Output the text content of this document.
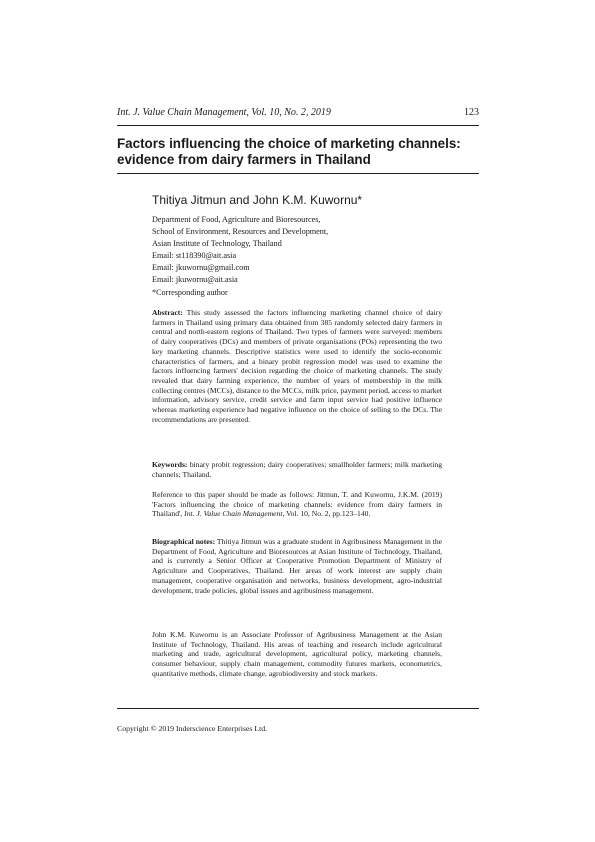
Int. J. Value Chain Management, Vol. 10, No. 2, 2019	123
Factors influencing the choice of marketing channels:
evidence from dairy farmers in Thailand
Thitiya Jitmun and John K.M. Kuwornu*
Department of Food, Agriculture and Bioresources,
School of Environment, Resources and Development,
Asian Institute of Technology, Thailand
Email: st118390@ait.asia
Email: jkuwornu@gmail.com
Email: jkuwornu@ait.asia
*Corresponding author

Abstract: This study assessed the factors influencing marketing channel choice of dairy farmers in Thailand using primary data obtained from 385 randomly selected dairy farmers in central and north-eastern regions of Thailand. Two types of farmers were surveyed: members of dairy cooperatives (DCs) and members of private organisations (POs) representing the two key marketing channels. Descriptive statistics were used to identify the socio-economic characteristics of farmers, and a binary probit regression model was used to examine the factors influencing farmers' decision regarding the choice of marketing channels. The study revealed that dairy farming experience, the number of years of membership in the milk collecting centres (MCCs), distance to the MCCs, milk price, payment period, access to market information, advisory service, credit service and farm input service had positive influence whereas marketing experience had negative influence on the choice of selling to the DCs. The recommendations are presented.

Keywords: binary probit regression; dairy cooperatives; smallholder farmers; milk marketing channels; Thailand.

Reference to this paper should be made as follows: Jitmun, T. and Kuwornu, J.K.M. (2019) 'Factors influencing the choice of marketing channels: evidence from dairy farmers in Thailand', Int. J. Value Chain Management, Vol. 10, No. 2, pp.123–140.

Biographical notes: Thitiya Jitmun was a graduate student in Agribusiness Management in the Department of Food, Agriculture and Bioresources at Asian Institute of Technology, Thailand, and is currently a Senior Officer at Cooperative Promotion Department of Ministry of Agriculture and Cooperatives, Thailand. Her areas of work interest are supply chain management, cooperative organisation and networks, business development, agro-industrial development, trade policies, global issues and agribusiness management.

John K.M. Kuwornu is an Associate Professor of Agribusiness Management at the Asian Institute of Technology, Thailand. His areas of teaching and research include agricultural marketing and trade, agricultural development, agricultural policy, marketing channels, consumer behaviour, supply chain management, commodity futures markets, econometrics, quantitative methods, climate change, agrobiodiversity and stock markets.

Copyright © 2019 Inderscience Enterprises Ltd.
